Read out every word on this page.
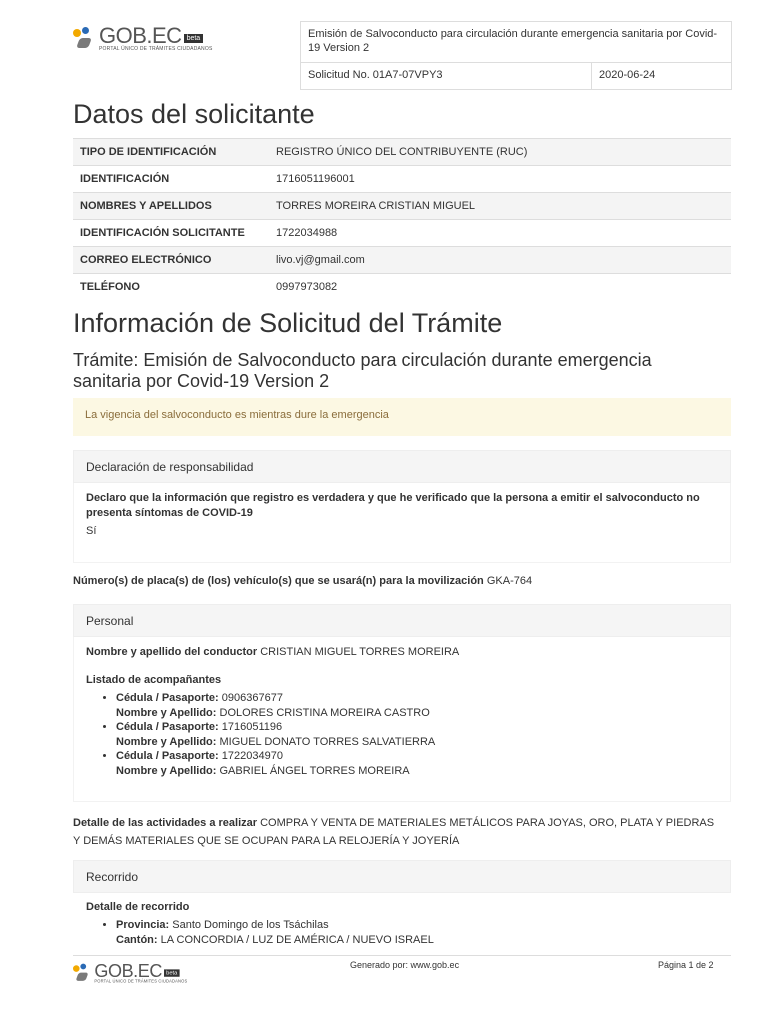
GOB.EC beta
PORTAL ÚNICO DE TRÁMITES CIUDADANOS
Emisión de Salvoconducto para circulación durante emergencia sanitaria por Covid-19 Version 2
Solicitud No. 01A7-07VPY3	2020-06-24
Datos del solicitante
TIPO DE IDENTIFICACIÓN	REGISTRO ÚNICO DEL CONTRIBUYENTE (RUC)
IDENTIFICACIÓN	1716051196001
NOMBRES Y APELLIDOS	TORRES MOREIRA CRISTIAN MIGUEL
IDENTIFICACIÓN SOLICITANTE	1722034988
CORREO ELECTRÓNICO	livo.vj@gmail.com
TELÉFONO	0997973082
Información de Solicitud del Trámite
Trámite: Emisión de Salvoconducto para circulación durante emergencia sanitaria por Covid-19 Version 2
La vigencia del salvoconducto es mientras dure la emergencia
Declaración de responsabilidad
Declaro que la información que registro es verdadera y que he verificado que la persona a emitir el salvoconducto no presenta síntomas de COVID-19
Sí
Número(s) de placa(s) de (los) vehículo(s) que se usará(n) para la movilización GKA-764
Personal
Nombre y apellido del conductor CRISTIAN MIGUEL TORRES MOREIRA
Listado de acompañantes
• Cédula / Pasaporte: 0906367677
Nombre y Apellido: DOLORES CRISTINA MOREIRA CASTRO
• Cédula / Pasaporte: 1716051196
Nombre y Apellido: MIGUEL DONATO TORRES SALVATIERRA
• Cédula / Pasaporte: 1722034970
Nombre y Apellido: GABRIEL ÁNGEL TORRES MOREIRA
Detalle de las actividades a realizar COMPRA Y VENTA DE MATERIALES METÁLICOS PARA JOYAS, ORO, PLATA Y PIEDRAS Y DEMÁS MATERIALES QUE SE OCUPAN PARA LA RELOJERÍA Y JOYERÍA
Recorrido
Detalle de recorrido
• Provincia: Santo Domingo de los Tsáchilas
Cantón: LA CONCORDIA / LUZ DE AMÉRICA / NUEVO ISRAEL
GOB.EC beta
PORTAL ÚNICO DE TRÁMITES CIUDADANOS
Generado por: www.gob.ec	Página 1 de 2
